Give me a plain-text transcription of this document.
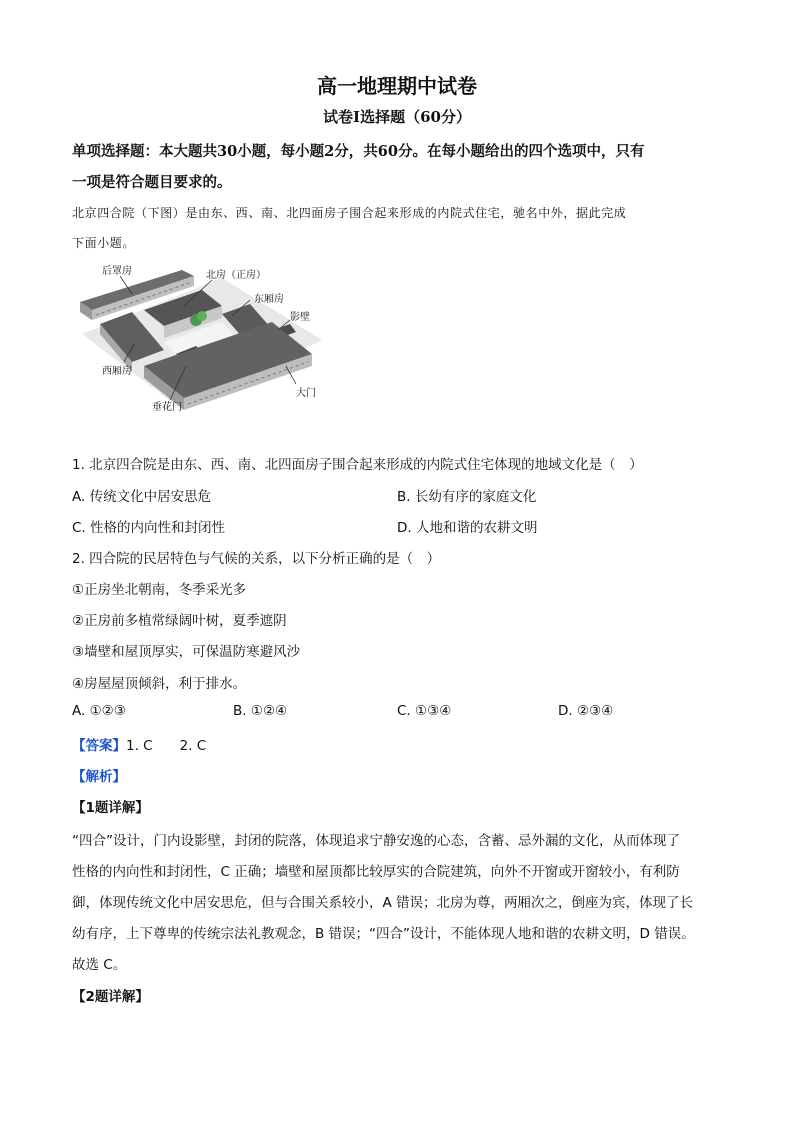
高一地理期中试卷
试卷Ⅰ选择题（60分）
单项选择题：本大题共30小题，每小题2分，共60分。在每小题给出的四个选项中，只有
一项是符合题目要求的。
北京四合院（下图）是由东、西、南、北四面房子围合起来形成的内院式住宅，驰名中外，据此完成
下面小题。
后罩房	北房（正房）
东厢房
影壁
西厢房
大门
垂花门
1. 北京四合院是由东、西、南、北四面房子围合起来形成的内院式住宅体现的地域文化是（　）
A. 传统文化中居安思危	B. 长幼有序的家庭文化
C. 性格的内向性和封闭性	D. 人地和谐的农耕文明
2. 四合院的民居特色与气候的关系，以下分析正确的是（　）
①正房坐北朝南，冬季采光多
②正房前多植常绿阔叶树，夏季遮阴
③墙壁和屋顶厚实，可保温防寒避风沙
④房屋屋顶倾斜，利于排水。
A. ①②③	B. ①②④	C. ①③④	D. ②③④
【答案】1. C　　2. C
【解析】
【1题详解】
“四合”设计，门内设影壁，封闭的院落，体现追求宁静安逸的心态，含蓄、忌外漏的文化，从而体现了
性格的内向性和封闭性，C 正确；墙壁和屋顶都比较厚实的合院建筑，向外不开窗或开窗较小，有利防
御，体现传统文化中居安思危，但与合围关系较小，A 错误；北房为尊，两厢次之，倒座为宾，体现了长
幼有序，上下尊卑的传统宗法礼教观念，B 错误；“四合”设计，不能体现人地和谐的农耕文明，D 错误。
故选 C。
【2题详解】
